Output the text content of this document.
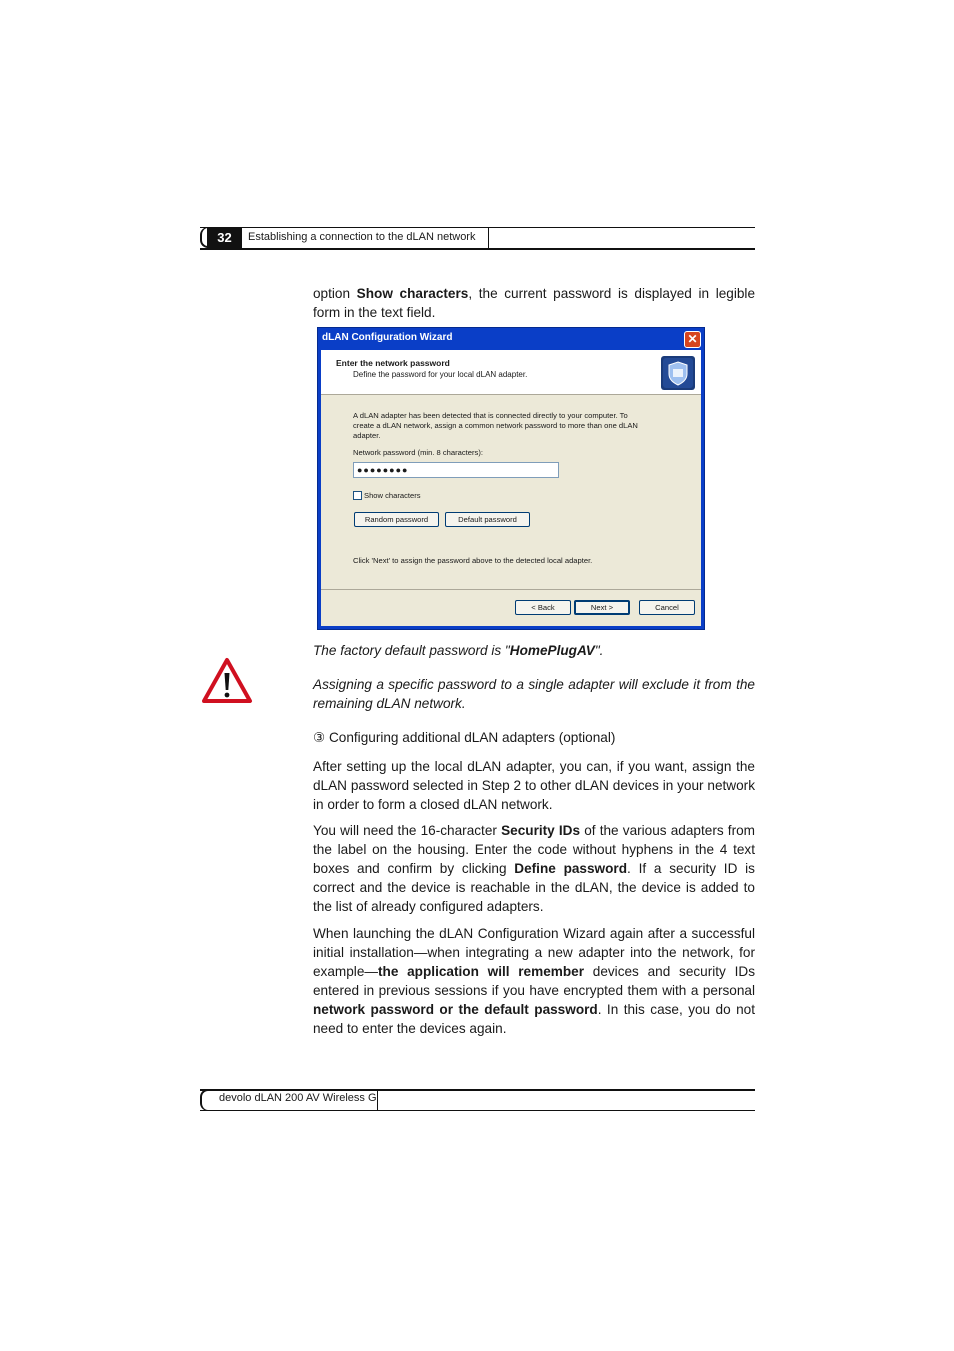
32	Establishing a connection to the dLAN network
option Show characters, the current password is displayed in legible form in the text field.
dLAN Configuration Wizard	✕
Enter the network password
Define the password for your local dLAN adapter.
A dLAN adapter has been detected that is connected directly to your computer. To
create a dLAN network, assign a common network password to more than one dLAN
adapter.
Network password (min. 8 characters):
●●●●●●●●
Show characters
Random password	Default password
Click 'Next' to assign the password above to the detected local adapter.
< Back	Next >	Cancel
The factory default password is "HomePlugAV".
Assigning a specific password to a single adapter will exclude it from the remaining dLAN network.
③ Configuring additional dLAN adapters (optional)
After setting up the local dLAN adapter, you can, if you want, assign the dLAN password selected in Step 2 to other dLAN devices in your network in order to form a closed dLAN network.
You will need the 16-character Security IDs of the various adapters from the label on the housing. Enter the code without hyphens in the 4 text boxes and confirm by clicking Define password. If a security ID is correct and the device is reachable in the dLAN, the device is added to the list of already configured adapters.
When launching the dLAN Configuration Wizard again after a successful initial installation—when integrating a new adapter into the network, for example—the application will remember devices and security IDs entered in previous sessions if you have encrypted them with a personal network password or the default password. In this case, you do not need to enter the devices again.
devolo dLAN 200 AV Wireless G
